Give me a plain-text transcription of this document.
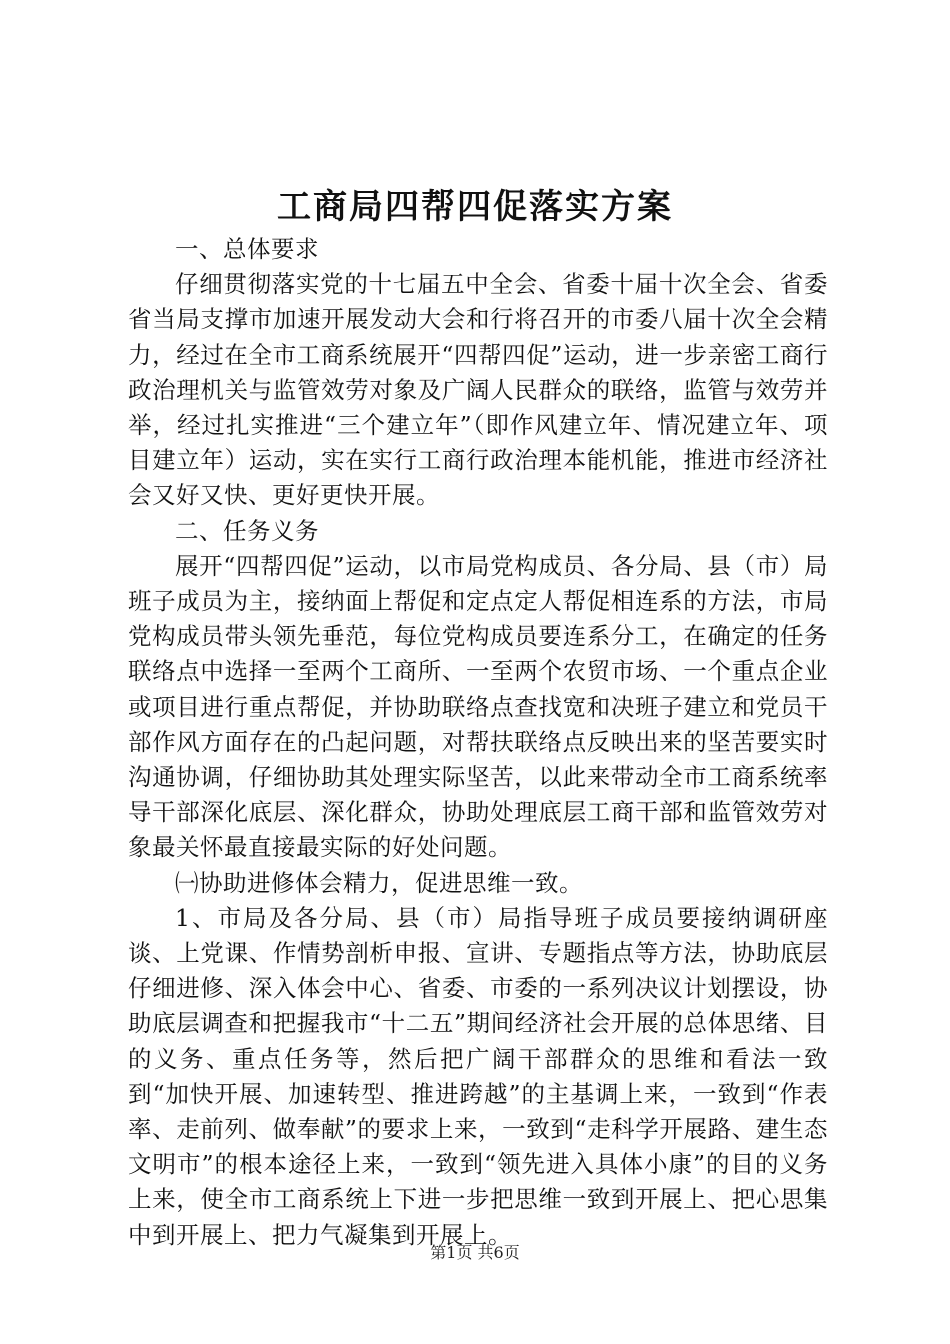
工商局四帮四促落实方案

一、总体要求

仔细贯彻落实党的十七届五中全会、省委十届十次全会、省委省当局支撑市加速开展发动大会和行将召开的市委八届十次全会精力，经过在全市工商系统展开“四帮四促”运动，进一步亲密工商行政治理机关与监管效劳对象及广阔人民群众的联络，监管与效劳并举，经过扎实推进“三个建立年”（即作风建立年、情况建立年、项目建立年）运动，实在实行工商行政治理本能机能，推进市经济社会又好又快、更好更快开展。

二、任务义务

展开“四帮四促”运动，以市局党构成员、各分局、县（市）局班子成员为主，接纳面上帮促和定点定人帮促相连系的方法，市局党构成员带头领先垂范，每位党构成员要连系分工，在确定的任务联络点中选择一至两个工商所、一至两个农贸市场、一个重点企业或项目进行重点帮促，并协助联络点查找宽和决班子建立和党员干部作风方面存在的凸起问题，对帮扶联络点反映出来的坚苦要实时沟通协调，仔细协助其处理实际坚苦，以此来带动全市工商系统率导干部深化底层、深化群众，协助处理底层工商干部和监管效劳对象最关怀最直接最实际的好处问题。

㈠协助进修体会精力，促进思维一致。

1、市局及各分局、县（市）局指导班子成员要接纳调研座谈、上党课、作情势剖析申报、宣讲、专题指点等方法，协助底层仔细进修、深入体会中心、省委、市委的一系列决议计划摆设，协助底层调查和把握我市“十二五”期间经济社会开展的总体思绪、目的义务、重点任务等，然后把广阔干部群众的思维和看法一致到“加快开展、加速转型、推进跨越”的主基调上来，一致到“作表率、走前列、做奉献”的要求上来，一致到“走科学开展路、建生态文明市”的根本途径上来，一致到“领先进入具体小康”的目的义务上来，使全市工商系统上下进一步把思维一致到开展上、把心思集中到开展上、把力气凝集到开展上。

第1页 共6页
